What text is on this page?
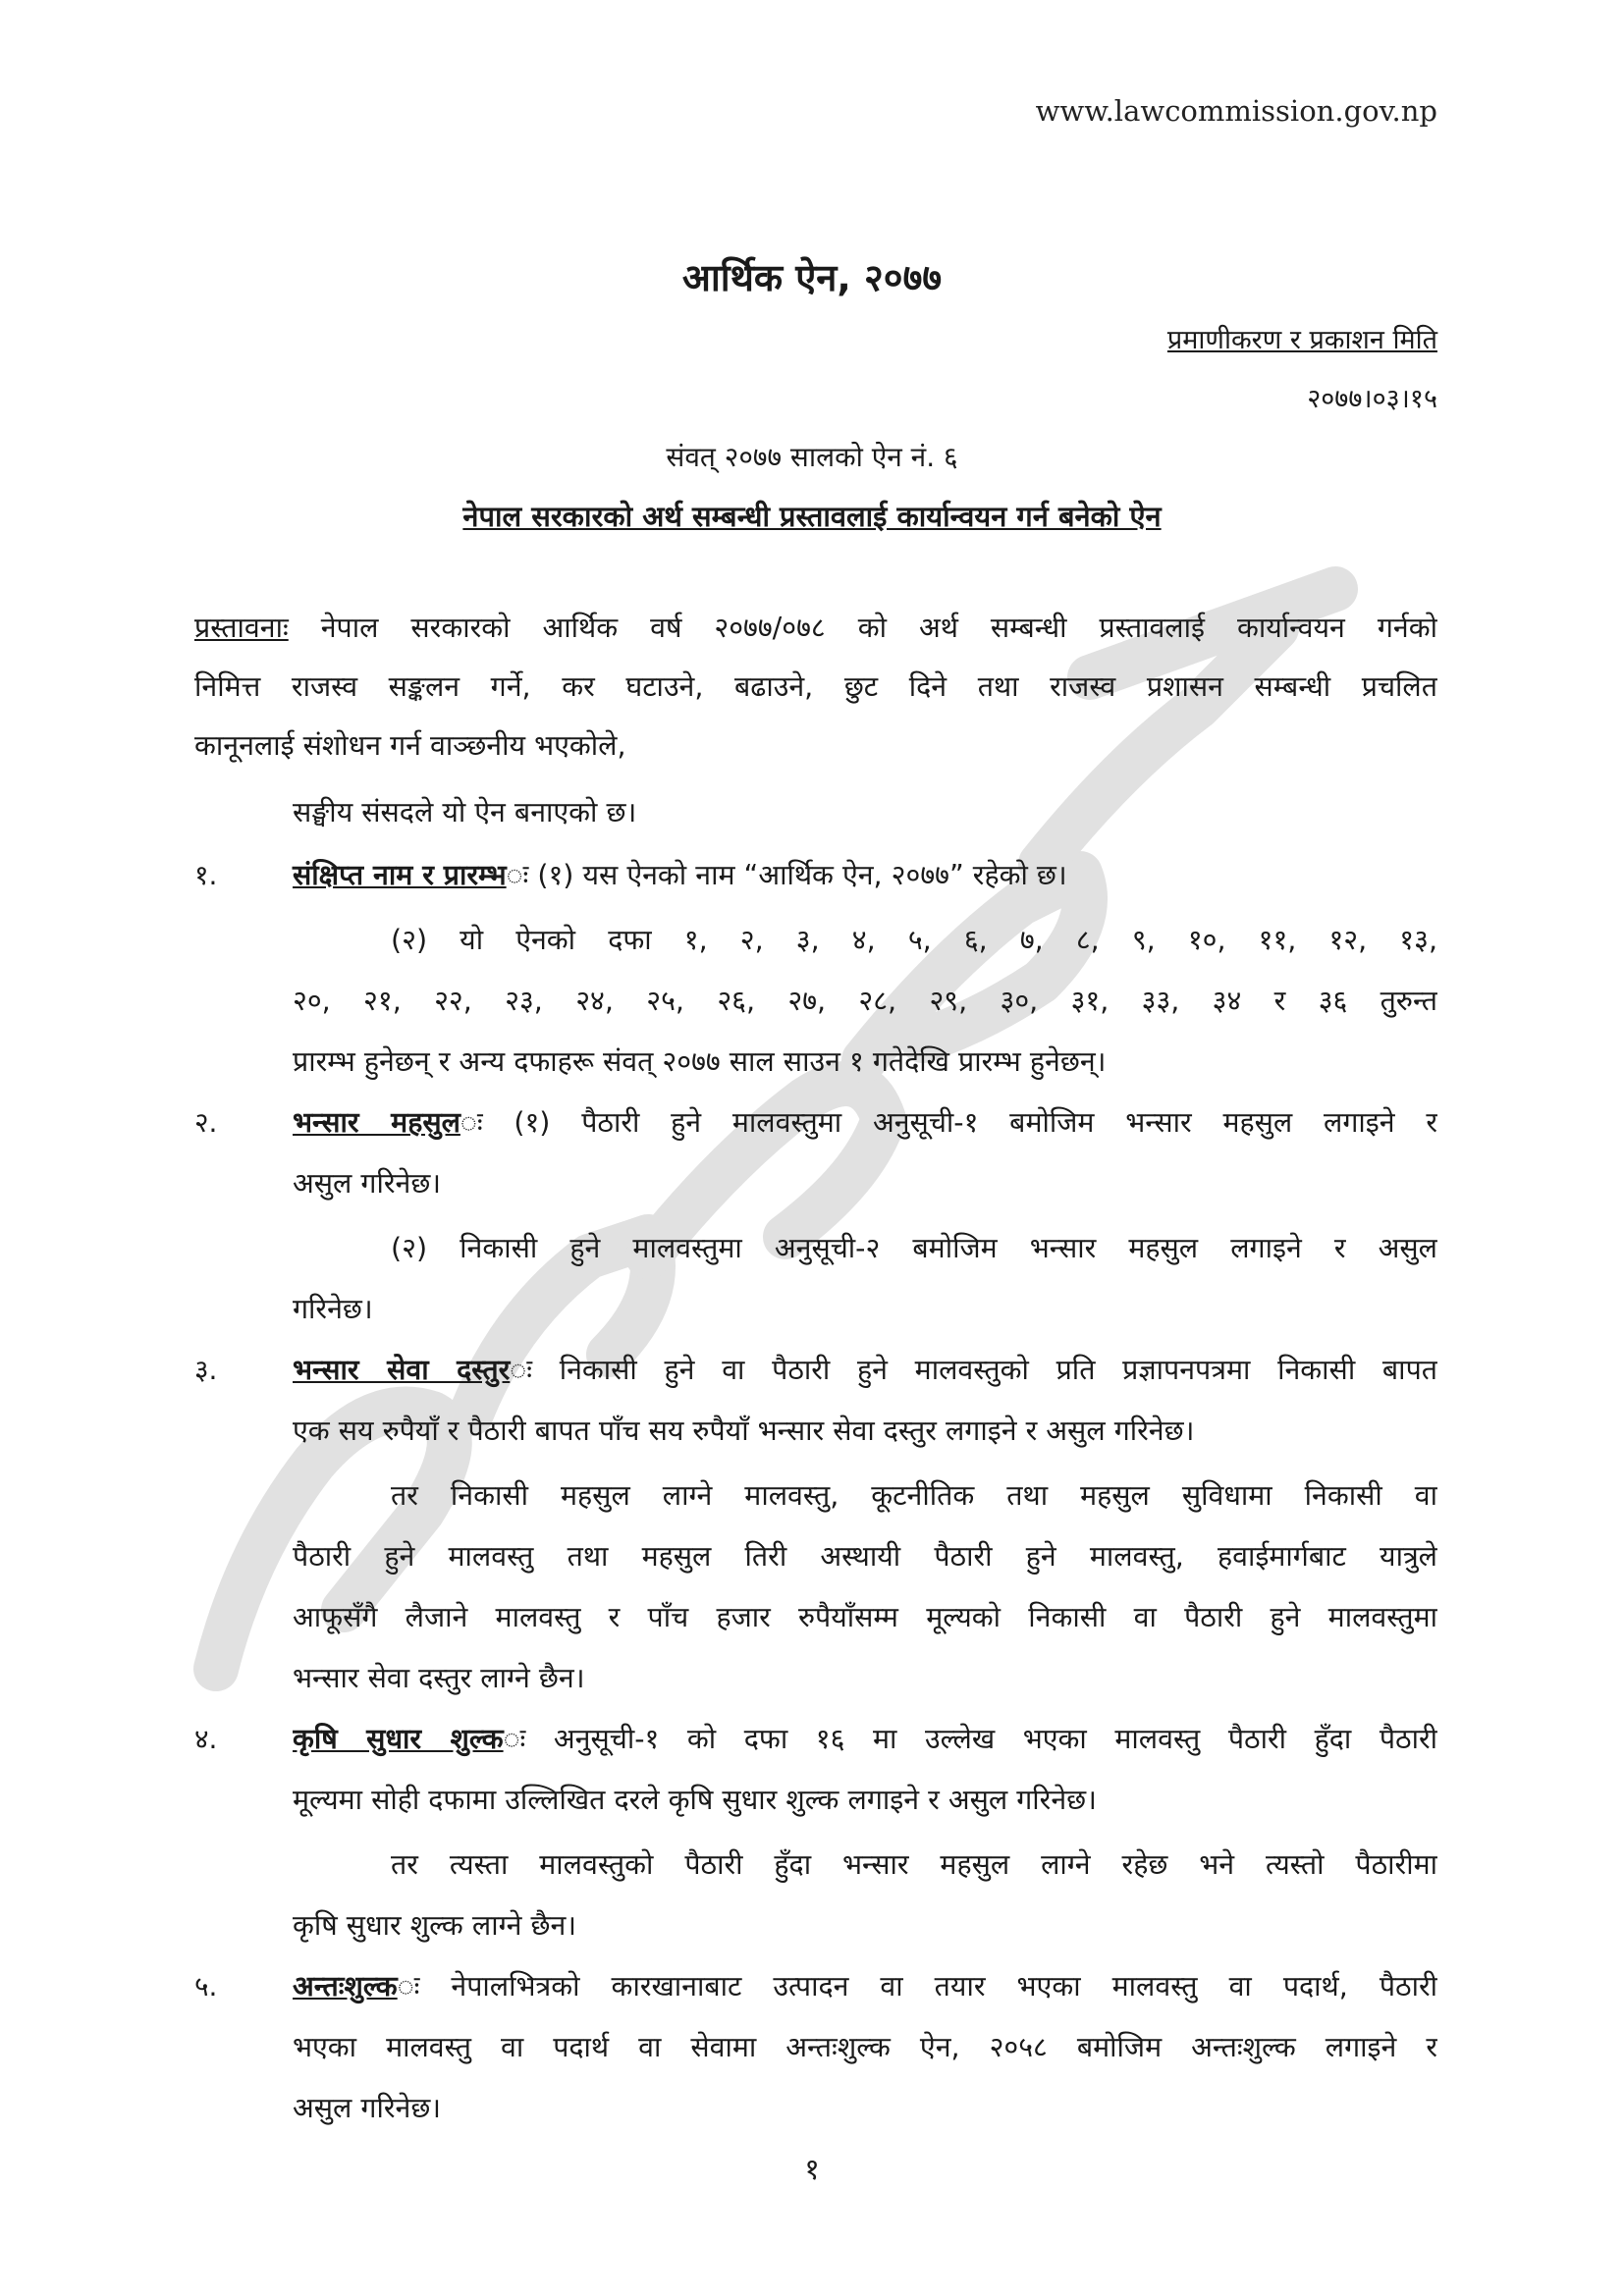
www.lawcommission.gov.np
आर्थिक ऐन, २०७७
प्रमाणीकरण र प्रकाशन मिति
२०७७।०३।१५
संवत् २०७७ सालको ऐन नं. ६
नेपाल सरकारको अर्थ सम्बन्धी प्रस्तावलाई कार्यान्वयन गर्न बनेको ऐन
प्रस्तावनाः नेपाल सरकारको आर्थिक वर्ष २०७७/०७८ को अर्थ सम्बन्धी प्रस्तावलाई कार्यान्वयन गर्नको
निमित्त राजस्व सङ्कलन गर्ने, कर घटाउने, बढाउने, छुट दिने तथा राजस्व प्रशासन सम्बन्धी प्रचलित
कानूनलाई संशोधन गर्न वाञ्छनीय भएकोले,
सङ्घीय संसदले यो ऐन बनाएको छ।
१.	संक्षिप्त नाम र प्रारम्भः (१) यस ऐनको नाम “आर्थिक ऐन, २०७७” रहेको छ।
(२) यो ऐनको दफा १, २, ३, ४, ५, ६, ७, ८, ९, १०, ११, १२, १३,
२०, २१, २२, २३, २४, २५, २६, २७, २८, २९, ३०, ३१, ३३, ३४ र ३६ तुरुन्त
प्रारम्भ हुनेछन् र अन्य दफाहरू संवत् २०७७ साल साउन १ गतेदेखि प्रारम्भ हुनेछन्।
२.	भन्सार महसुलः (१) पैठारी हुने मालवस्तुमा अनुसूची-१ बमोजिम भन्सार महसुल लगाइने र
असुल गरिनेछ।
(२) निकासी हुने मालवस्तुमा अनुसूची-२ बमोजिम भन्सार महसुल लगाइने र असुल
गरिनेछ।
३.	भन्सार सेवा दस्तुरः निकासी हुने वा पैठारी हुने मालवस्तुको प्रति प्रज्ञापनपत्रमा निकासी बापत
एक सय रुपैयाँ र पैठारी बापत पाँच सय रुपैयाँ भन्सार सेवा दस्तुर लगाइने र असुल गरिनेछ।
तर निकासी महसुल लाग्ने मालवस्तु, कूटनीतिक तथा महसुल सुविधामा निकासी वा
पैठारी हुने मालवस्तु तथा महसुल तिरी अस्थायी पैठारी हुने मालवस्तु, हवाईमार्गबाट यात्रुले
आफूसँगै लैजाने मालवस्तु र पाँच हजार रुपैयाँसम्म मूल्यको निकासी वा पैठारी हुने मालवस्तुमा
भन्सार सेवा दस्तुर लाग्ने छैन।
४.	कृषि सुधार शुल्कः अनुसूची-१ को दफा १६ मा उल्लेख भएका मालवस्तु पैठारी हुँदा पैठारी
मूल्यमा सोही दफामा उल्लिखित दरले कृषि सुधार शुल्क लगाइने र असुल गरिनेछ।
तर त्यस्ता मालवस्तुको पैठारी हुँदा भन्सार महसुल लाग्ने रहेछ भने त्यस्तो पैठारीमा
कृषि सुधार शुल्क लाग्ने छैन।
५.	अन्तःशुल्कः नेपालभित्रको कारखानाबाट उत्पादन वा तयार भएका मालवस्तु वा पदार्थ, पैठारी
भएका मालवस्तु वा पदार्थ वा सेवामा अन्तःशुल्क ऐन, २०५८ बमोजिम अन्तःशुल्क लगाइने र
असुल गरिनेछ।
१
